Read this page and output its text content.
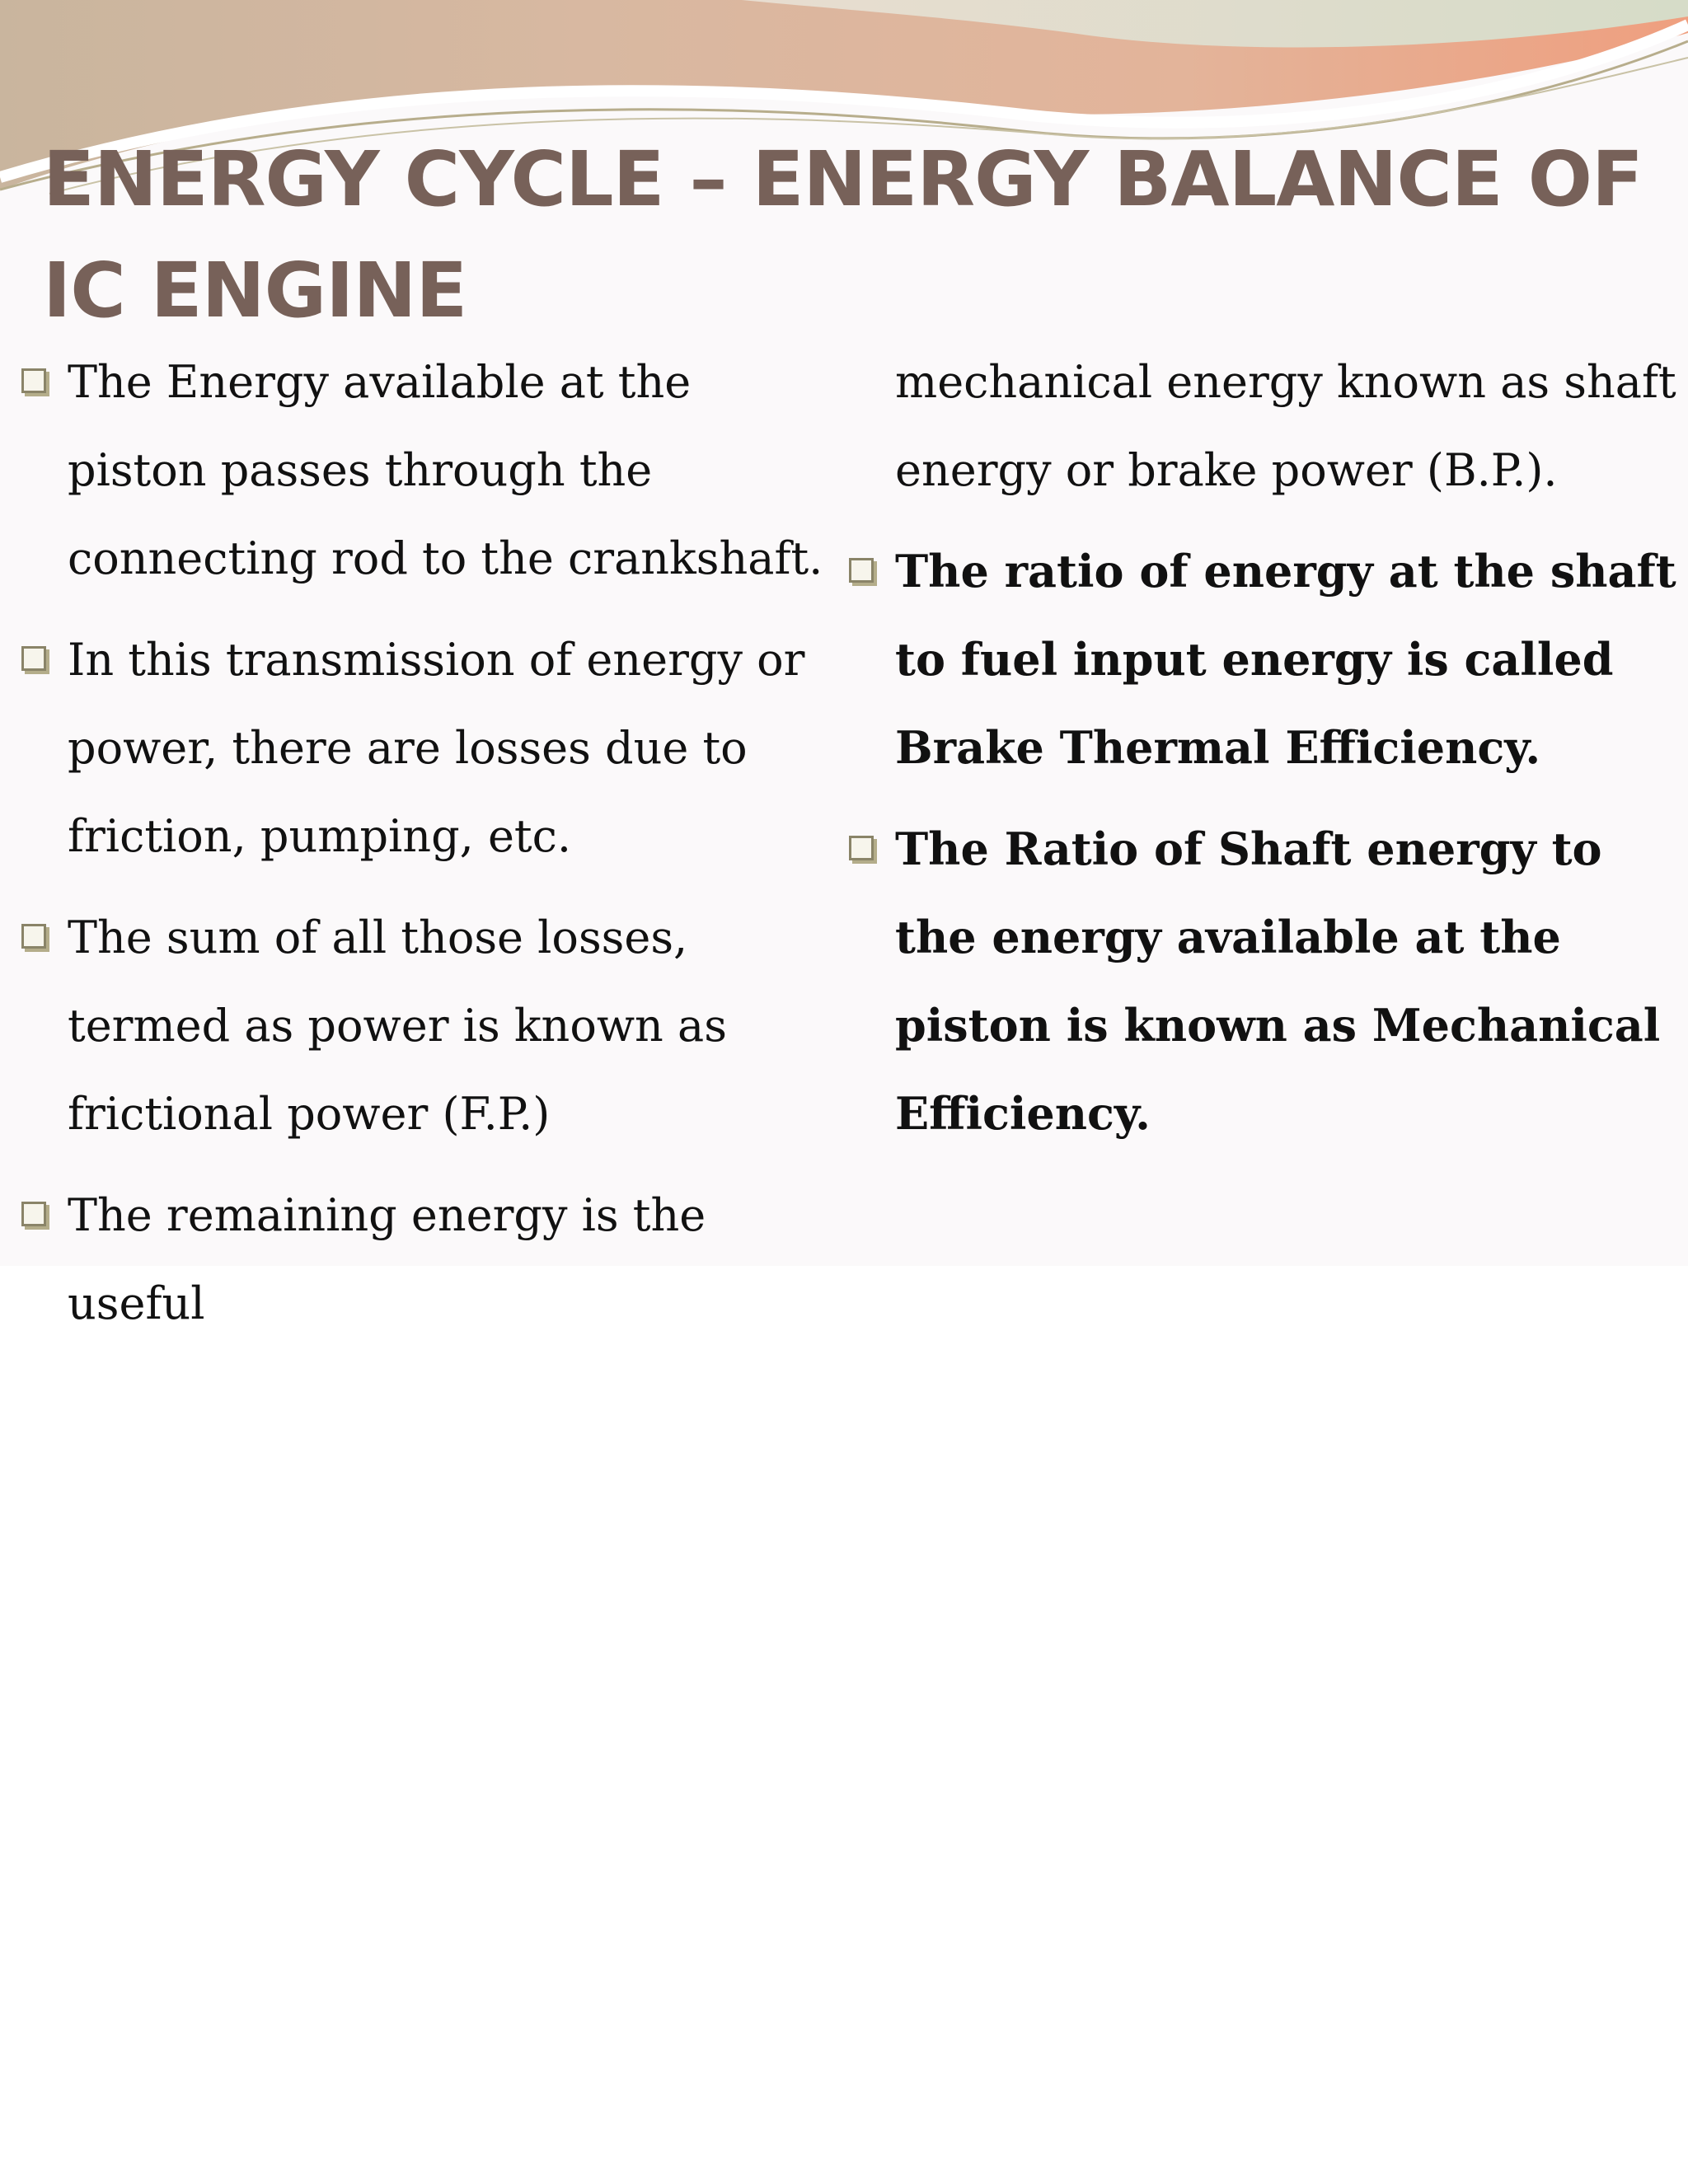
ENERGY CYCLE – ENERGY BALANCE OF IC ENGINE

The Energy available at the piston passes through the connecting rod to the crankshaft.

In this transmission of energy or power, there are losses due to friction, pumping, etc.

The sum of all those losses, termed as power is known as frictional power (F.P.)

The remaining energy is the useful

mechanical energy known as shaft energy or brake power (B.P.).

The ratio of energy at the shaft to fuel input energy is called Brake Thermal Efficiency.

The Ratio of Shaft energy to the energy available at the piston is known as Mechanical Efficiency.
